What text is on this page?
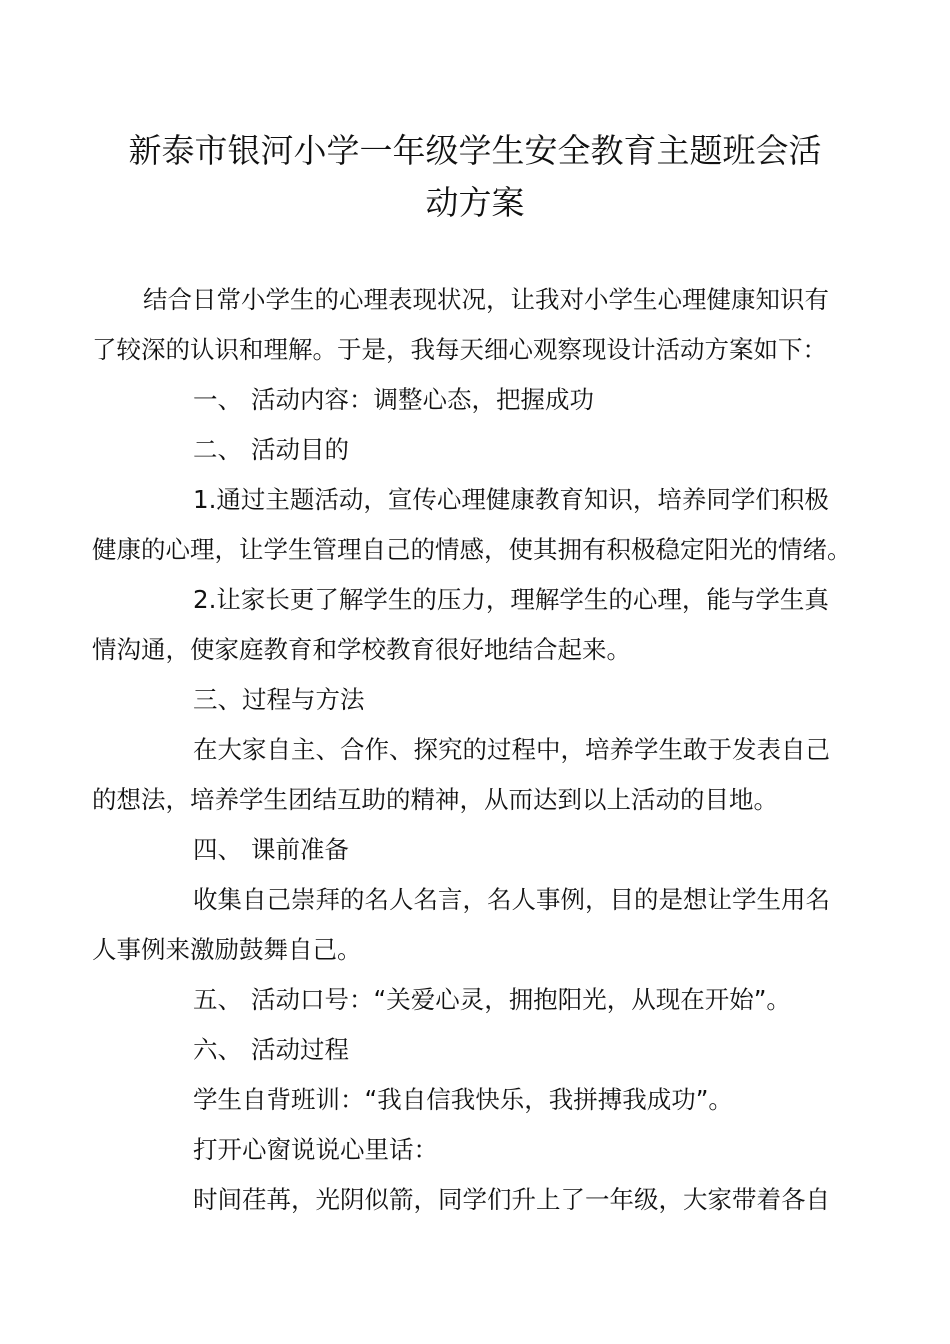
新泰市银河小学一年级学生安全教育主题班会活
动方案

结合日常小学生的心理表现状况，让我对小学生心理健康知识有

了较深的认识和理解。于是，我每天细心观察现设计活动方案如下：

一、 活动内容：调整心态，把握成功

二、 活动目的

1.通过主题活动，宣传心理健康教育知识，培养同学们积极

健康的心理，让学生管理自己的情感，使其拥有积极稳定阳光的情绪。

2.让家长更了解学生的压力，理解学生的心理，能与学生真

情沟通，使家庭教育和学校教育很好地结合起来。

三、过程与方法

在大家自主、合作、探究的过程中，培养学生敢于发表自己

的想法，培养学生团结互助的精神，从而达到以上活动的目地。

四、 课前准备

收集自己崇拜的名人名言，名人事例，目的是想让学生用名

人事例来激励鼓舞自己。

五、 活动口号：“关爱心灵，拥抱阳光，从现在开始”。

六、 活动过程

学生自背班训：“我自信我快乐，我拼搏我成功”。

打开心窗说说心里话：

时间荏苒，光阴似箭，同学们升上了一年级，大家带着各自
